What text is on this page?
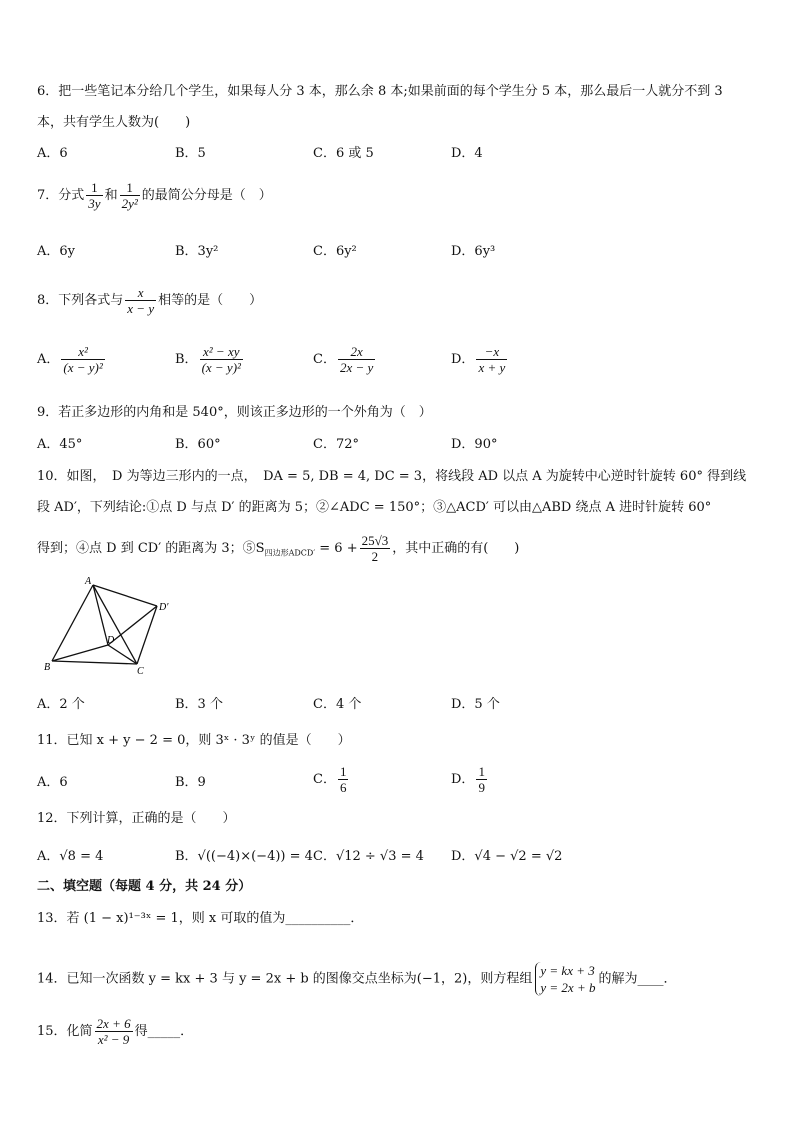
6．把一些笔记本分给几个学生，如果每人分 3 本，那么余 8 本;如果前面的每个学生分 5 本，那么最后一人就分不到 3
本，共有学生人数为(　　)
A．6	B．5	C．6 或 5	D．4
7．分式 $\frac{1}{3y}$ 和 $\frac{1}{\text{2y²}}$ 的最简公分母是（　）
A．6y	B．3y²	C．6y²	D．6y³
8．下列各式与 $\frac{x}{x - y}$ 相等的是（　　）
A． $\frac{\text{x²}}{\text{(x − y)²}}$	B． $\frac{\text{x² − xy}}{\text{(x − y)²}}$	C． $\frac{2x}{2x - y}$	D． $\frac{-x}{x + y}$
9．若正多边形的内角和是 540°，则该正多边形的一个外角为（　）
A．45°	B．60°	C．72°	D．90°
10．如图，　D 为等边三形内的一点，　DA = 5, DB = 4, DC = 3，将线段 AD 以点 A 为旋转中心逆时针旋转 60° 得到线
段 AD′，下列结论:①点 D 与点 D′ 的距离为 5；②∠ADC = 150°；③△ACD′ 可以由△ABD 绕点 A 进时针旋转 60°
得到；④点 D 到 CD′ 的距离为 3；$⑤S_{四边形ADCD'} = 6 + \frac{25√3}{2}$ ，其中正确的有(　　)
A
B	C
D
D′
A．2 个	B．3 个	C．4 个	D．5 个
11．已知 x + y − 2 = 0，则 3ˣ · 3ʸ 的值是（　　）
A．6	B．9	C． $\frac{1}{6}$	D． $\frac{1}{9}$
12．下列计算，正确的是（　　）
A．√8 = 4	B．√((−4)×(−4)) = 4 C．√12 ÷ √3 = 4 D．√4 − √2 = √2
二、填空题（每题 4 分，共 24 分）
13．若 (1 − x)¹⁻³ˣ = 1，则 x 可取的值为__________．
14．已知一次函数 y = kx + 3 与 y = 2x + b 的图像交点坐标为(−1，2)，则方程组
y = kx + 3
y = 2x + b
的解为____．
15．化简 $\frac{2x + 6}{\text{x² − 9}}$ 得_____．
